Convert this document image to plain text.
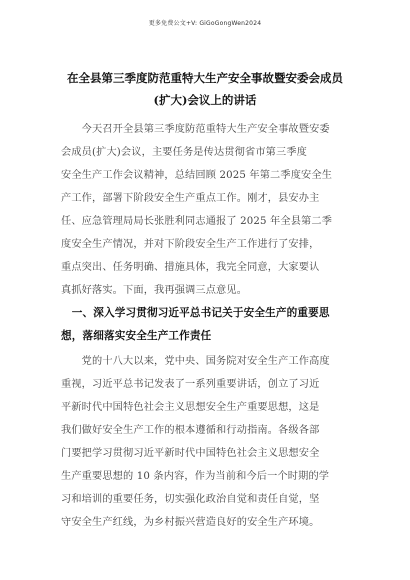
更多免费公文+V: GiGoGongWen2024
在全县第三季度防范重特大生产安全事故暨安委会成员
(扩大)会议上的讲话
　　今天召开全县第三季度防范重特大生产安全事故暨安委
会成员(扩大)会议，主要任务是传达贯彻省市第三季度
安全生产工作会议精神，总结回顾 2025 年第二季度安全生
产工作，部署下阶段安全生产重点工作。刚才，县安办主
任、应急管理局局长张胜利同志通报了 2025 年全县第二季
度安全生产情况，并对下阶段安全生产工作进行了安排，
重点突出、任务明确、措施具体，我完全同意，大家要认
真抓好落实。下面，我再强调三点意见。
　一、深入学习贯彻习近平总书记关于安全生产的重要思
想，落细落实安全生产工作责任
　　党的十八大以来，党中央、国务院对安全生产工作高度
重视，习近平总书记发表了一系列重要讲话，创立了习近
平新时代中国特色社会主义思想安全生产重要思想，这是
我们做好安全生产工作的根本遵循和行动指南。各级各部
门要把学习贯彻习近平新时代中国特色社会主义思想安全
生产重要思想的 10 条内容，作为当前和今后一个时期的学
习和培训的重要任务，切实强化政治自觉和责任自觉，坚
守安全生产红线，为乡村振兴营造良好的安全生产环境。
